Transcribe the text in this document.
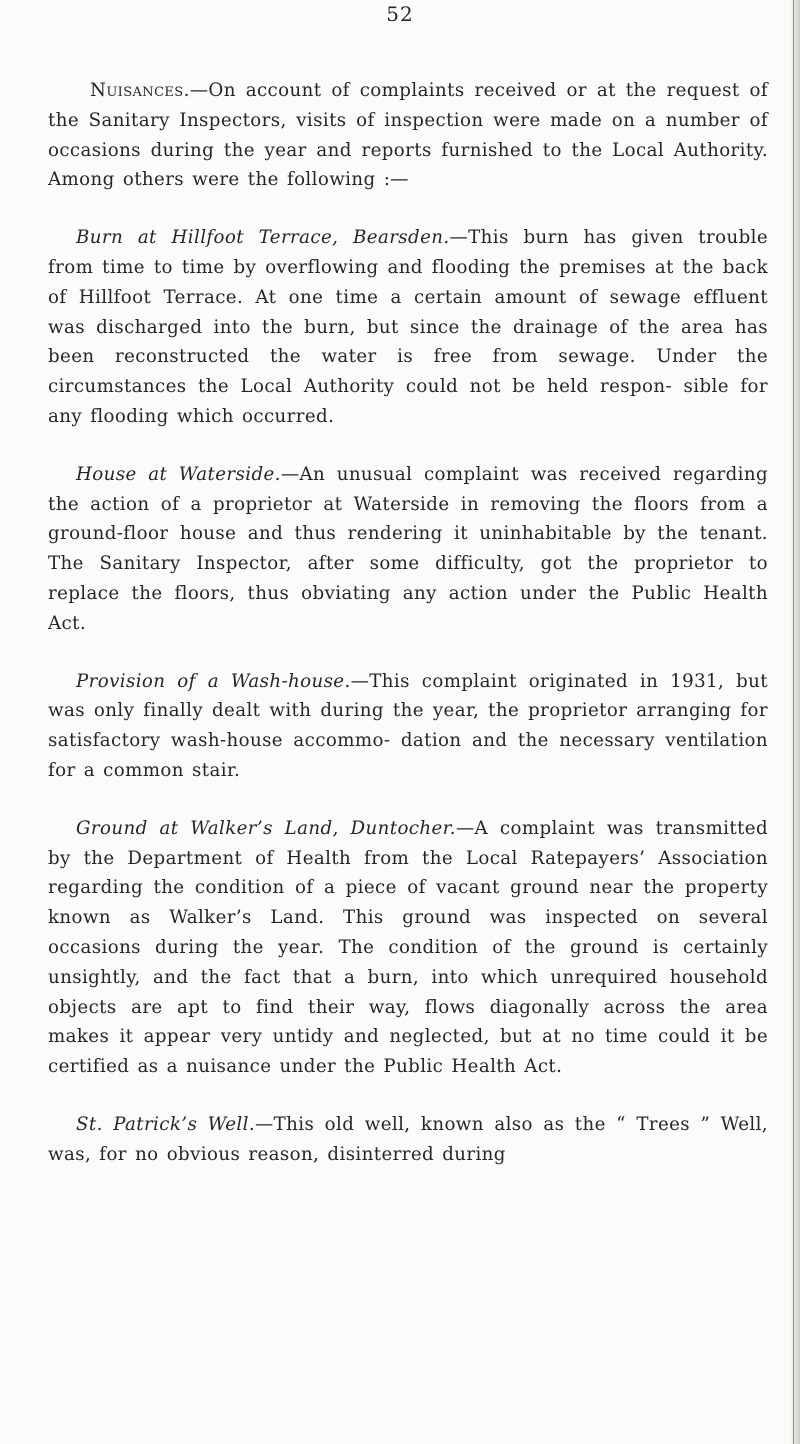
52

Nuisances.—On account of complaints received or at the request of the Sanitary Inspectors, visits of inspection were made on a number of occasions during the year and reports furnished to the Local Authority. Among others were the following :—

Burn at Hillfoot Terrace, Bearsden.—This burn has given trouble from time to time by overflowing and flooding the premises at the back of Hillfoot Terrace. At one time a certain amount of sewage effluent was discharged into the burn, but since the drainage of the area has been reconstructed the water is free from sewage. Under the circumstances the Local Authority could not be held respon- sible for any flooding which occurred.

House at Waterside.—An unusual complaint was received regarding the action of a proprietor at Waterside in removing the floors from a ground-floor house and thus rendering it uninhabitable by the tenant. The Sanitary Inspector, after some difficulty, got the proprietor to replace the floors, thus obviating any action under the Public Health Act.

Provision of a Wash-house.—This complaint originated in 1931, but was only finally dealt with during the year, the proprietor arranging for satisfactory wash-house accommo- dation and the necessary ventilation for a common stair.

Ground at Walker’s Land, Duntocher.—A complaint was transmitted by the Department of Health from the Local Ratepayers’ Association regarding the condition of a piece of vacant ground near the property known as Walker’s Land. This ground was inspected on several occasions during the year. The condition of the ground is certainly unsightly, and the fact that a burn, into which unrequired household objects are apt to find their way, flows diagonally across the area makes it appear very untidy and neglected, but at no time could it be certified as a nuisance under the Public Health Act.

St. Patrick’s Well.—This old well, known also as the “ Trees ” Well, was, for no obvious reason, disinterred during
